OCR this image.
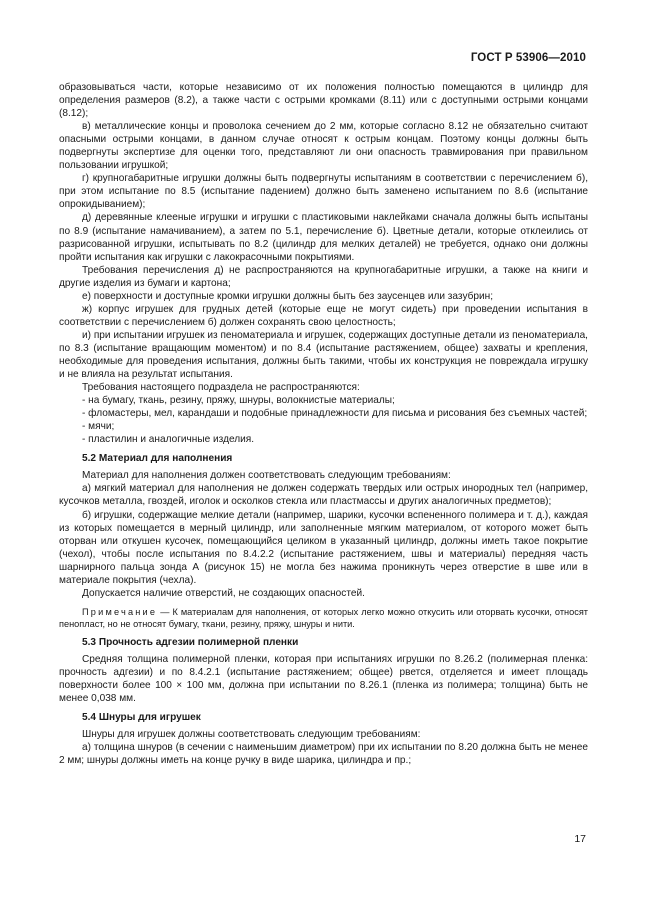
ГОСТ Р 53906—2010

образовываться части, которые независимо от их положения полностью помещаются в цилиндр для определения размеров (8.2), а также части с острыми кромками (8.11) или с доступными острыми концами (8.12);

в) металлические концы и проволока сечением до 2 мм, которые согласно 8.12 не обязательно считают опасными острыми концами, в данном случае относят к острым концам. Поэтому концы должны быть подвергнуты экспертизе для оценки того, представляют ли они опасность травмирования при правильном пользовании игрушкой;

г) крупногабаритные игрушки должны быть подвергнуты испытаниям в соответствии с перечислением б), при этом испытание по 8.5 (испытание падением) должно быть заменено испытанием по 8.6 (испытание опрокидыванием);

д) деревянные клееные игрушки и игрушки с пластиковыми наклейками сначала должны быть испытаны по 8.9 (испытание намачиванием), а затем по 5.1, перечисление б). Цветные детали, которые отклеились от разрисованной игрушки, испытывать по 8.2 (цилиндр для мелких деталей) не требуется, однако они должны пройти испытания как игрушки с лакокрасочными покрытиями.

Требования перечисления д) не распространяются на крупногабаритные игрушки, а также на книги и другие изделия из бумаги и картона;

е) поверхности и доступные кромки игрушки должны быть без заусенцев или зазубрин;

ж) корпус игрушек для грудных детей (которые еще не могут сидеть) при проведении испытания в соответствии с перечислением б) должен сохранять свою целостность;

и) при испытании игрушек из пеноматериала и игрушек, содержащих доступные детали из пеноматериала, по 8.3 (испытание вращающим моментом) и по 8.4 (испытание растяжением, общее) захваты и крепления, необходимые для проведения испытания, должны быть такими, чтобы их конструкция не повреждала игрушку и не влияла на результат испытания.

Требования настоящего подраздела не распространяются:

- на бумагу, ткань, резину, пряжу, шнуры, волокнистые материалы;

- фломастеры, мел, карандаши и подобные принадлежности для письма и рисования без съемных частей;

- мячи;

- пластилин и аналогичные изделия.

5.2 Материал для наполнения

Материал для наполнения должен соответствовать следующим требованиям:

а) мягкий материал для наполнения не должен содержать твердых или острых инородных тел (например, кусочков металла, гвоздей, иголок и осколков стекла или пластмассы и других аналогичных предметов);

б) игрушки, содержащие мелкие детали (например, шарики, кусочки вспененного полимера и т. д.), каждая из которых помещается в мерный цилиндр, или заполненные мягким материалом, от которого может быть оторван или откушен кусочек, помещающийся целиком в указанный цилиндр, должны иметь такое покрытие (чехол), чтобы после испытания по 8.4.2.2 (испытание растяжением, швы и материалы) передняя часть шарнирного пальца зонда А (рисунок 15) не могла без нажима проникнуть через отверстие в шве или в материале покрытия (чехла).

Допускается наличие отверстий, не создающих опасностей.

Примечание — К материалам для наполнения, от которых легко можно откусить или оторвать кусочки, относят пенопласт, но не относят бумагу, ткани, резину, пряжу, шнуры и нити.

5.3 Прочность адгезии полимерной пленки

Средняя толщина полимерной пленки, которая при испытаниях игрушки по 8.26.2 (полимерная пленка: прочность адгезии) и по 8.4.2.1 (испытание растяжением; общее) рвется, отделяется и имеет площадь поверхности более 100 × 100 мм, должна при испытании по 8.26.1 (пленка из полимера; толщина) быть не менее 0,038 мм.

5.4 Шнуры для игрушек

Шнуры для игрушек должны соответствовать следующим требованиям:

а) толщина шнуров (в сечении с наименьшим диаметром) при их испытании по 8.20 должна быть не менее 2 мм; шнуры должны иметь на конце ручку в виде шарика, цилиндра и пр.;

17
